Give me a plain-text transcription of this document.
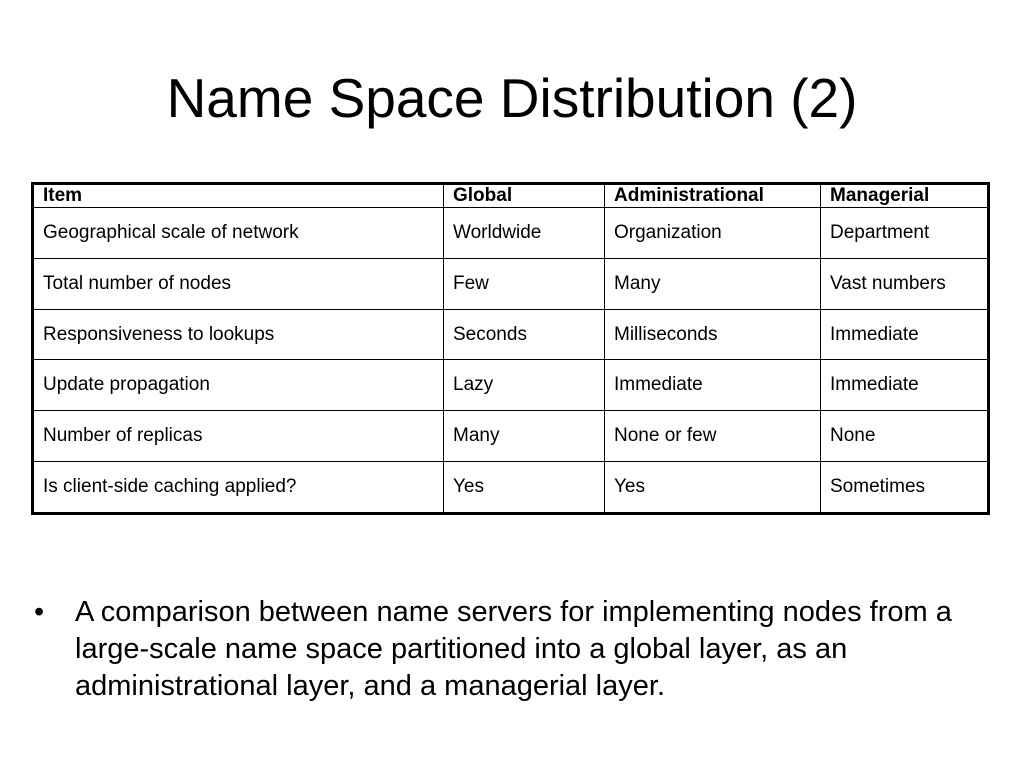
Name Space Distribution (2)
Item	Global	Administrational	Managerial
Geographical scale of network	Worldwide	Organization	Department
Total number of nodes	Few	Many	Vast numbers
Responsiveness to lookups	Seconds	Milliseconds	Immediate
Update propagation	Lazy	Immediate	Immediate
Number of replicas	Many	None or few	None
Is client-side caching applied?	Yes	Yes	Sometimes
• A comparison between name servers for implementing nodes from a large-scale name space partitioned into a global layer, as an administrational layer, and a managerial layer.
